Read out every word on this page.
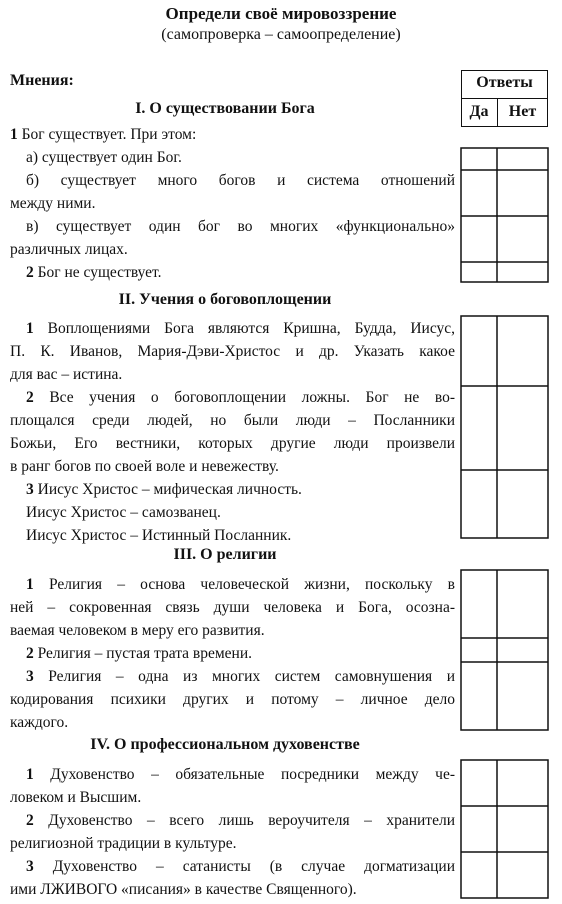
Определи своё мировоззрение
(самопроверка – самоопределение)
Мнения:	Ответы
Да	Нет
I. О существовании Бога
II. Учения о боговоплощении
III. О религии
IV. О профессиональном духовенстве
1 Бог существует. При этом:
а) существует один Бог.
б) существует много богов и система отношений
между ними.
в) существует один бог во многих «функционально»
различных лицах.
2 Бог не существует.
1 Воплощениями Бога являются Кришна, Будда, Иисус,
П. К. Иванов, Мария-Дэви-Христос и др. Указать какое
для вас – истина.
2 Все учения о боговоплощении ложны. Бог не во-
площался среди людей, но были люди – Посланники
Божьи, Его вестники, которых другие люди произвели
в ранг богов по своей воле и невежеству.
3 Иисус Христос – мифическая личность.
Иисус Христос – самозванец.
Иисус Христос – Истинный Посланник.
1 Религия – основа человеческой жизни, поскольку в
ней – сокровенная связь души человека и Бога, осозна-
ваемая человеком в меру его развития.
2 Религия – пустая трата времени.
3 Религия – одна из многих систем самовнушения и
кодирования психики других и потому – личное дело
каждого.
1 Духовенство – обязательные посредники между че-
ловеком и Высшим.
2 Духовенство – всего лишь вероучителя – хранители
религиозной традиции в культуре.
3 Духовенство – сатанисты (в случае догматизации
ими ЛЖИВОГО «писания» в качестве Священного).
